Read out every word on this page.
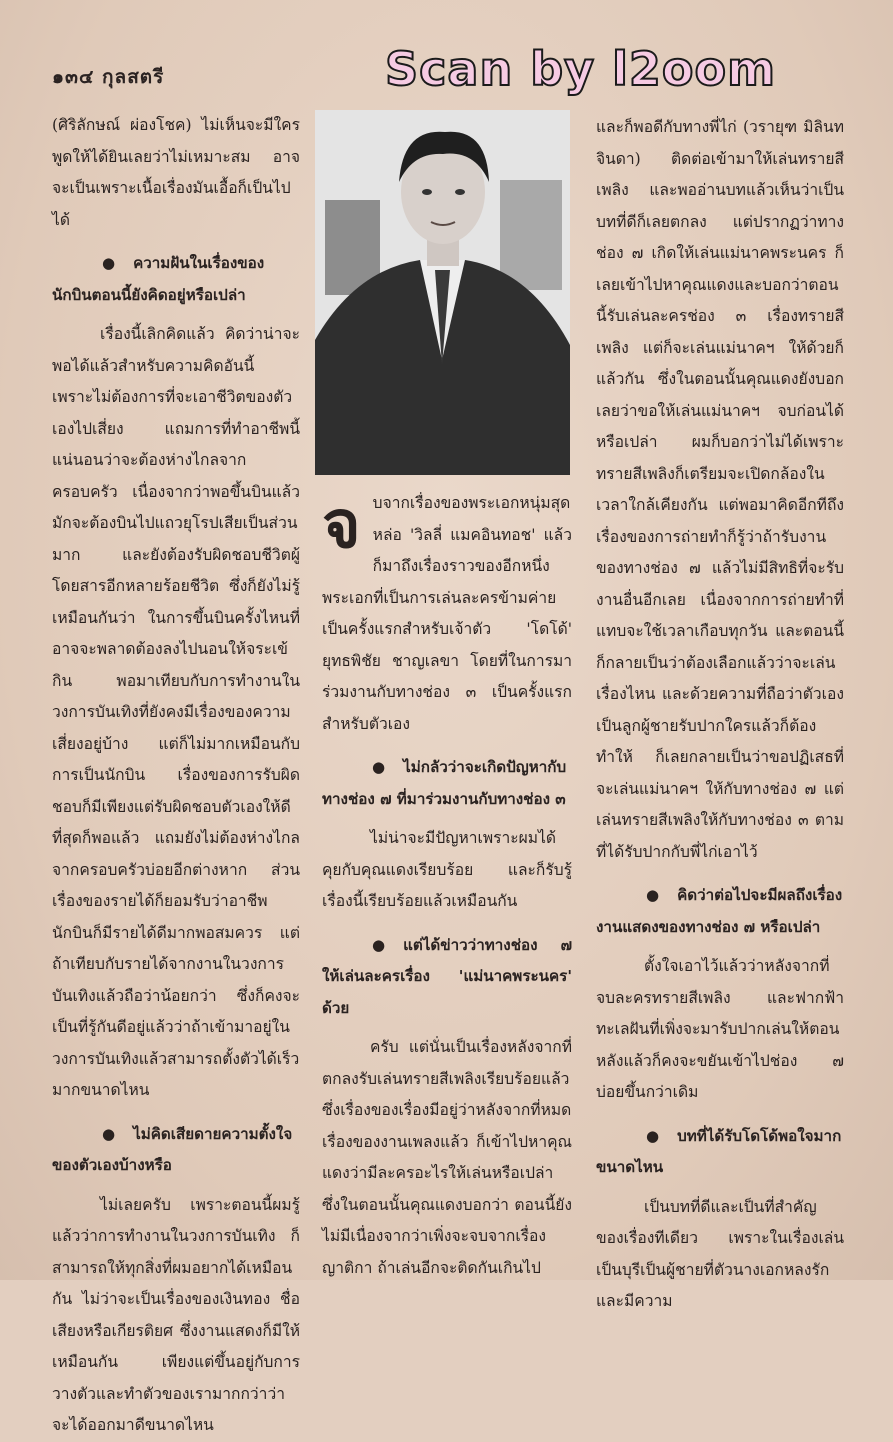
๑๓๔ กุลสตรี	Scan by l2oom

(ศิริลักษณ์ ผ่องโชค) ไม่เห็นจะมีใครพูดให้ได้ยินเลยว่าไม่เหมาะสม อาจจะเป็นเพราะเนื้อเรื่องมันเอื้อก็เป็นไปได้

● ความฝันในเรื่องของนักบินตอนนี้ยังคิดอยู่หรือเปล่า

เรื่องนี้เลิกคิดแล้ว คิดว่าน่าจะพอได้แล้วสำหรับความคิดอันนี้ เพราะไม่ต้องการที่จะเอาชีวิตของตัวเองไปเสี่ยง แถมการที่ทำอาชีพนี้แน่นอนว่าจะต้องห่างไกลจากครอบครัว เนื่องจากว่าพอขึ้นบินแล้วมักจะต้องบินไปแถวยุโรปเสียเป็นส่วนมาก และยังต้องรับผิดชอบชีวิตผู้โดยสารอีกหลายร้อยชีวิต ซึ่งก็ยังไม่รู้เหมือนกันว่า ในการขึ้นบินครั้งไหนที่อาจจะพลาดต้องลงไปนอนให้จระเข้กิน พอมาเทียบกับการทำงานในวงการบันเทิงที่ยังคงมีเรื่องของความเสี่ยงอยู่บ้าง แต่ก็ไม่มากเหมือนกับการเป็นนักบิน เรื่องของการรับผิดชอบก็มีเพียงแต่รับผิดชอบตัวเองให้ดีที่สุดก็พอแล้ว แถมยังไม่ต้องห่างไกลจากครอบครัวบ่อยอีกต่างหาก ส่วนเรื่องของรายได้ก็ยอมรับว่าอาชีพนักบินก็มีรายได้ดีมากพอสมควร แต่ถ้าเทียบกับรายได้จากงานในวงการบันเทิงแล้วถือว่าน้อยกว่า ซึ่งก็คงจะเป็นที่รู้กันดีอยู่แล้วว่าถ้าเข้ามาอยู่ในวงการบันเทิงแล้วสามารถตั้งตัวได้เร็วมากขนาดไหน

● ไม่คิดเสียดายความตั้งใจของตัวเองบ้างหรือ

ไม่เลยครับ เพราะตอนนี้ผมรู้แล้วว่าการทำงานในวงการบันเทิง ก็สามารถให้ทุกสิ่งที่ผมอยากได้เหมือนกัน ไม่ว่าจะเป็นเรื่องของเงินทอง ชื่อเสียงหรือเกียรติยศ ซึ่งงานแสดงก็มีให้เหมือนกัน เพียงแต่ขึ้นอยู่กับการวางตัวและทำตัวของเรามากกว่าว่าจะได้ออกมาดีขนาดไหน

จบจากเรื่องของพระเอกหนุ่มสุดหล่อ 'วิลลี่ แมคอินทอช' แล้ว ก็มาถึงเรื่องราวของอีกหนึ่งพระเอกที่เป็นการเล่นละครข้ามค่ายเป็นครั้งแรกสำหรับเจ้าตัว 'โดโด้' ยุทธพิชัย ชาญเลขา โดยที่ในการมาร่วมงานกับทางช่อง ๓ เป็นครั้งแรกสำหรับตัวเอง

● ไม่กลัวว่าจะเกิดปัญหากับทางช่อง ๗ ที่มาร่วมงานกับทางช่อง ๓

ไม่น่าจะมีปัญหาเพราะผมได้คุยกับคุณแดงเรียบร้อย และก็รับรู้เรื่องนี้เรียบร้อยแล้วเหมือนกัน

● แต่ได้ข่าวว่าทางช่อง ๗ ให้เล่นละครเรื่อง 'แม่นาคพระนคร' ด้วย

ครับ แต่นั่นเป็นเรื่องหลังจากที่ตกลงรับเล่นทรายสีเพลิงเรียบร้อยแล้ว ซึ่งเรื่องของเรื่องมีอยู่ว่าหลังจากที่หมดเรื่องของงานเพลงแล้ว ก็เข้าไปหาคุณแดงว่ามีละครอะไรให้เล่นหรือเปล่า ซึ่งในตอนนั้นคุณแดงบอกว่า ตอนนี้ยังไม่มีเนื่องจากว่าเพิ่งจะจบจากเรื่องญาติกา ถ้าเล่นอีกจะติดกันเกินไป

และก็พอดีกับทางพี่ไก่ (วรายุฑ มิลินทจินดา) ติดต่อเข้ามาให้เล่นทรายสีเพลิง และพออ่านบทแล้วเห็นว่าเป็นบทที่ดีก็เลยตกลง แต่ปรากฏว่าทางช่อง ๗ เกิดให้เล่นแม่นาคพระนคร ก็เลยเข้าไปหาคุณแดงและบอกว่าตอนนี้รับเล่นละครช่อง ๓ เรื่องทรายสีเพลิง แต่ก็จะเล่นแม่นาคฯ ให้ด้วยก็แล้วกัน ซึ่งในตอนนั้นคุณแดงยังบอกเลยว่าขอให้เล่นแม่นาคฯ จบก่อนได้หรือเปล่า ผมก็บอกว่าไม่ได้เพราะทรายสีเพลิงก็เตรียมจะเปิดกล้องในเวลาใกล้เคียงกัน แต่พอมาคิดอีกทีถึงเรื่องของการถ่ายทำก็รู้ว่าถ้ารับงานของทางช่อง ๗ แล้วไม่มีสิทธิที่จะรับงานอื่นอีกเลย เนื่องจากการถ่ายทำที่แทบจะใช้เวลาเกือบทุกวัน และตอนนี้ก็กลายเป็นว่าต้องเลือกแล้วว่าจะเล่นเรื่องไหน และด้วยความที่ถือว่าตัวเองเป็นลูกผู้ชายรับปากใครแล้วก็ต้องทำให้ ก็เลยกลายเป็นว่าขอปฏิเสธที่จะเล่นแม่นาคฯ ให้กับทางช่อง ๗ แต่เล่นทรายสีเพลิงให้กับทางช่อง ๓ ตามที่ได้รับปากกับพี่ไก่เอาไว้

● คิดว่าต่อไปจะมีผลถึงเรื่องงานแสดงของทางช่อง ๗ หรือเปล่า

ตั้งใจเอาไว้แล้วว่าหลังจากที่จบละครทรายสีเพลิง และฟากฟ้าทะเลฝันที่เพิ่งจะมารับปากเล่นให้ตอนหลังแล้วก็คงจะขยันเข้าไปช่อง ๗ บ่อยขึ้นกว่าเดิม

● บทที่ได้รับโดโด้พอใจมากขนาดไหน

เป็นบทที่ดีและเป็นที่สำคัญของเรื่องทีเดียว เพราะในเรื่องเล่นเป็นบุรีเป็นผู้ชายที่ตัวนางเอกหลงรักและมีความ
